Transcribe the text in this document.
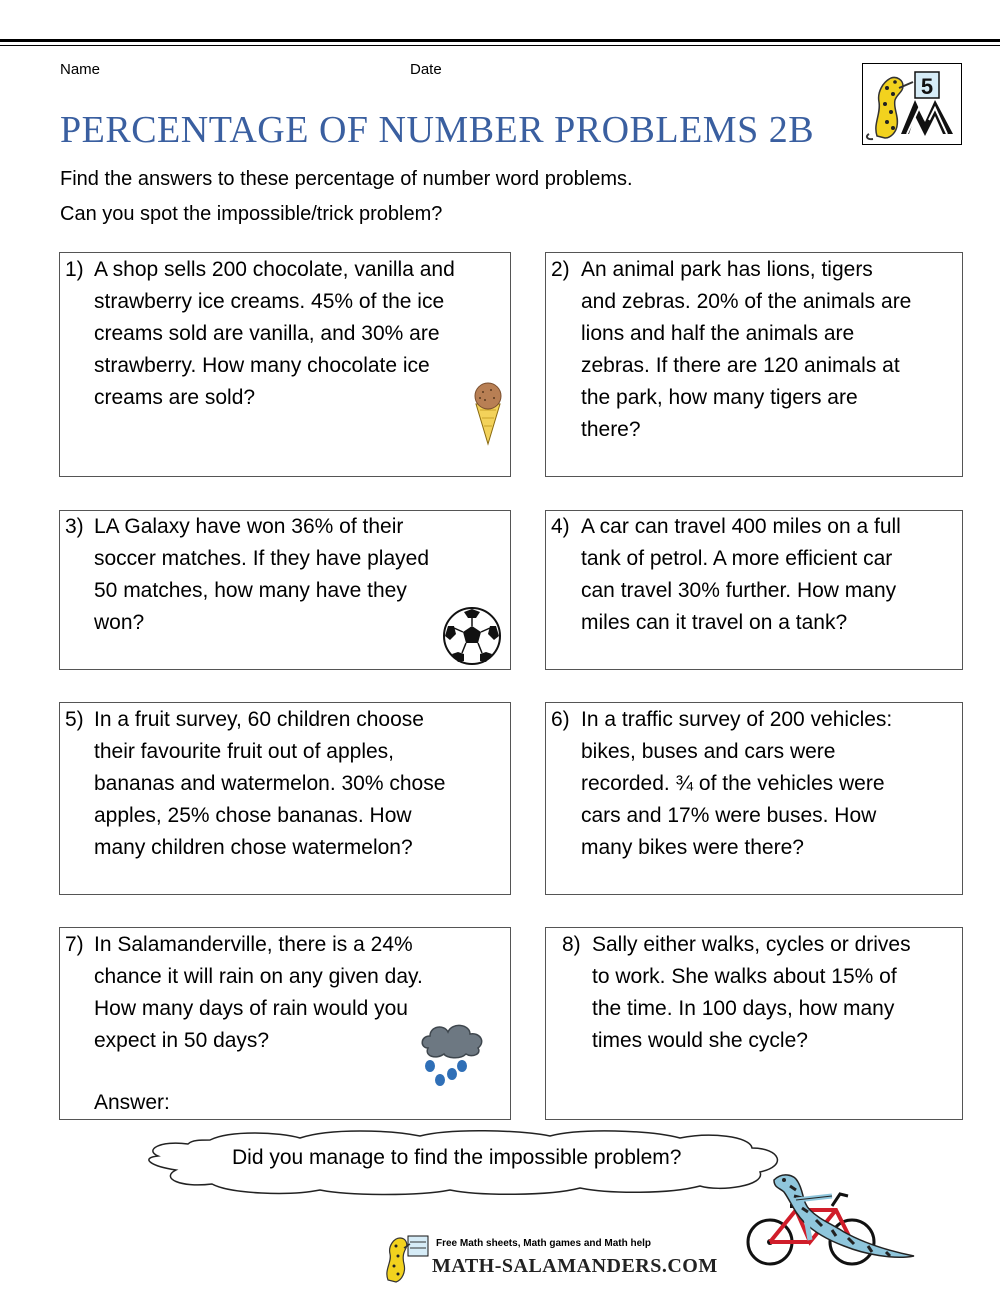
Name	Date
PERCENTAGE OF NUMBER PROBLEMS 2B
Find the answers to these percentage of number word problems.
Can you spot the impossible/trick problem?
5
1) A shop sells 200 chocolate, vanilla and
strawberry ice creams. 45% of the ice
creams sold are vanilla, and 30% are
strawberry. How many chocolate ice
creams are sold?
2) An animal park has lions, tigers
and zebras. 20% of the animals are
lions and half the animals are
zebras. If there are 120 animals at
the park, how many tigers are
there?
3) LA Galaxy have won 36% of their
soccer matches. If they have played
50 matches, how many have they
won?
4) A car can travel 400 miles on a full
tank of petrol. A more efficient car
can travel 30% further. How many
miles can it travel on a tank?
5) In a fruit survey, 60 children choose
their favourite fruit out of apples,
bananas and watermelon. 30% chose
apples, 25% chose bananas. How
many children chose watermelon?
6) In a traffic survey of 200 vehicles:
bikes, buses and cars were
recorded. ¾ of the vehicles were
cars and 17% were buses. How
many bikes were there?
7) In Salamanderville, there is a 24%
chance it will rain on any given day.
How many days of rain would you
expect in 50 days?
Answer:
8) Sally either walks, cycles or drives
to work. She walks about 15% of
the time. In 100 days, how many
times would she cycle?
Did you manage to find the impossible problem?
Free Math sheets, Math games and Math help
MATH-SALAMANDERS.COM
